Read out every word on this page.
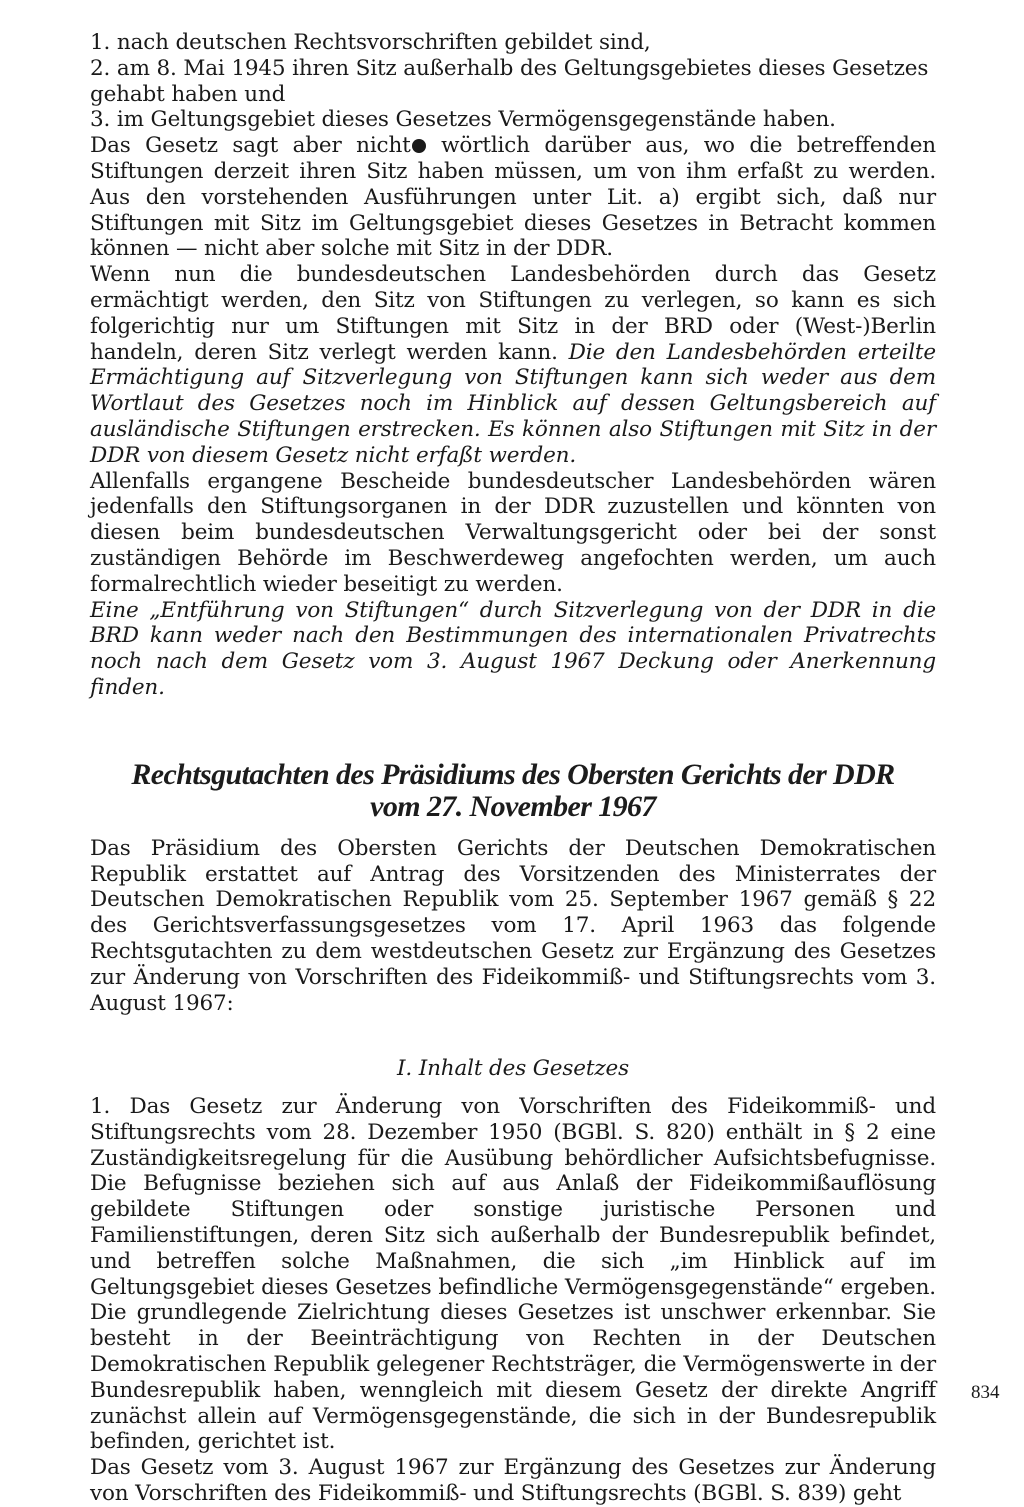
1. nach deutschen Rechtsvorschriften gebildet sind,

2. am 8. Mai 1945 ihren Sitz außerhalb des Geltungsgebietes dieses Gesetzes gehabt haben und

3. im Geltungsgebiet dieses Gesetzes Vermögensgegenstände haben.

Das Gesetz sagt aber nicht wörtlich darüber aus, wo die betreffenden Stiftungen derzeit ihren Sitz haben müssen, um von ihm erfaßt zu werden. Aus den vorstehenden Ausführungen unter Lit. a) ergibt sich, daß nur Stiftungen mit Sitz im Geltungsgebiet dieses Gesetzes in Betracht kommen können — nicht aber solche mit Sitz in der DDR.

Wenn nun die bundesdeutschen Landesbehörden durch das Gesetz ermächtigt werden, den Sitz von Stiftungen zu verlegen, so kann es sich folgerichtig nur um Stiftungen mit Sitz in der BRD oder (West-)Berlin handeln, deren Sitz verlegt werden kann. Die den Landesbehörden erteilte Ermächtigung auf Sitzverlegung von Stiftungen kann sich weder aus dem Wortlaut des Gesetzes noch im Hinblick auf dessen Geltungsbereich auf ausländische Stiftungen erstrecken. Es können also Stiftungen mit Sitz in der DDR von diesem Gesetz nicht erfaßt werden.

Allenfalls ergangene Bescheide bundesdeutscher Landesbehörden wären jedenfalls den Stiftungsorganen in der DDR zuzustellen und könnten von diesen beim bundesdeutschen Verwaltungsgericht oder bei der sonst zuständigen Behörde im Beschwerdeweg angefochten werden, um auch formalrechtlich wieder beseitigt zu werden.

Eine „Entführung von Stiftungen“ durch Sitzverlegung von der DDR in die BRD kann weder nach den Bestimmungen des internationalen Privatrechts noch nach dem Gesetz vom 3. August 1967 Deckung oder Anerkennung finden.

Rechtsgutachten des Präsidiums des Obersten Gerichts der DDR
vom 27. November 1967

Das Präsidium des Obersten Gerichts der Deutschen Demokratischen Republik erstattet auf Antrag des Vorsitzenden des Ministerrates der Deutschen Demokratischen Republik vom 25. September 1967 gemäß § 22 des Gerichtsverfassungsgesetzes vom 17. April 1963 das folgende Rechtsgutachten zu dem westdeutschen Gesetz zur Ergänzung des Gesetzes zur Änderung von Vorschriften des Fideikommiß- und Stiftungsrechts vom 3. August 1967:

I. Inhalt des Gesetzes

1. Das Gesetz zur Änderung von Vorschriften des Fideikommiß- und Stiftungsrechts vom 28. Dezember 1950 (BGBl. S. 820) enthält in § 2 eine Zuständigkeitsregelung für die Ausübung behördlicher Aufsichtsbefugnisse. Die Befugnisse beziehen sich auf aus Anlaß der Fideikommißauflösung gebildete Stiftungen oder sonstige juristische Personen und Familienstiftungen, deren Sitz sich außerhalb der Bundesrepublik befindet, und betreffen solche Maßnahmen, die sich „im Hinblick auf im Geltungsgebiet dieses Gesetzes befindliche Vermögensgegenstände“ ergeben. Die grundlegende Zielrichtung dieses Gesetzes ist unschwer erkennbar. Sie besteht in der Beeinträchtigung von Rechten in der Deutschen Demokratischen Republik gelegener Rechtsträger, die Vermögenswerte in der Bundesrepublik haben, wenngleich mit diesem Gesetz der direkte Angriff zunächst allein auf Vermögensgegenstände, die sich in der Bundesrepublik befinden, gerichtet ist.

Das Gesetz vom 3. August 1967 zur Ergänzung des Gesetzes zur Änderung von Vorschriften des Fideikommiß- und Stiftungsrechts (BGBl. S. 839) geht

834
